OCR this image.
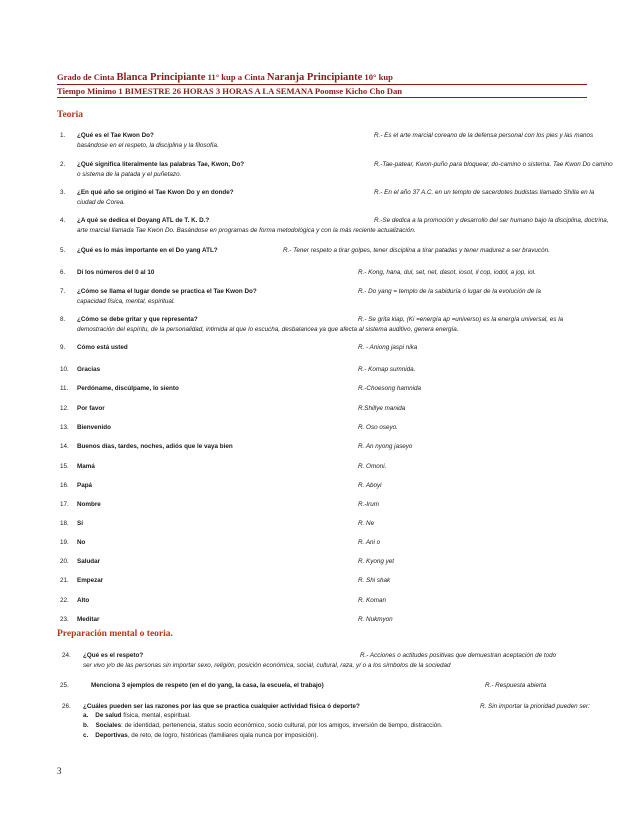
Grado de Cinta Blanca Principiante 11° kup a Cinta Naranja Principiante 10° kup
Tiempo Minimo 1 BIMESTRE 26 HORAS 3 HORAS A LA SEMANA Poomse Kicho Cho Dan
Teoria
1. ¿Qué es el Tae Kwon Do?	R.- Es el arte marcial coreano de la defensa personal con los pies y las manos
basándose en el respeto, la disciplina y la filosofía.
2. ¿Qué significa literalmente las palabras Tae, Kwon, Do?	R.-Tae-patear, Kwon-puño para bloquear, do-camino o sistema. Tae Kwon Do camino
o sistema de la patada y el puñetazo.
3. ¿En qué año se originó el Tae Kwon Do y en donde?	R.- En el año 37 A.C. en un templo de sacerdotes budistas llamado Shilla en la
ciudad de Corea.
4. ¿A qué se dedica el Doyang ATL de T. K. D.?	R.-Se dedica a la promoción y desarrollo del ser humano bajo la disciplina, doctrina,
arte marcial llamada Tae Kwon Do. Basándose en programas de forma metodológica y con la más reciente actualización.
5. ¿Qué es lo más importante en el Do yang ATL?	R.- Tener respeto a tirar golpes, tener disciplina a tirar patadas y tener madurez a ser bravucón.
6. Di los números del 0 al 10	R.- Kong, hana, dul, set, net, dasot, iosot, il cop, iodol, a jop, iol.
7. ¿Cómo se llama el lugar donde se practica el Tae Kwon Do?	R.- Do yang = templo de la sabiduría ó lugar de la evolución de la
capacidad física, mental, espiritual.
8. ¿Cómo se debe gritar y que representa?	R.- Se grita kiap, (Ki =energía ap =universo) es la energía universal, es la
demostración del espíritu, de la personalidad, intimida al que lo escucha, desbalancea ya que afecta al sistema auditivo, genera energía.
9. Cómo está usted	R. - Aniong jaspi nika
10. Gracias	R.- Komap sumnida.
11. Perdóname, discúlpame, lo siento	R.-Choesong hamnida
12. Por favor	R.Shillye manida
13. Bienvenido	R. Oso oseyo.
14. Buenos días, tardes, noches, adiós que le vaya bien	R. An nyong jaseyo
15. Mamá	R. Omoni.
16. Papá	R. Aboyi
17. Nombre	R.-Irum
18. Sí	R. Ne
19. No	R. Ani o
20. Saludar	R. Kyong yet
21. Empezar	R. Shi shak
22. Alto	R. Koman
23. Meditar	R. Nukmyon
Preparación mental o teoria.
24. ¿Qué es el respeto?	R.- Acciones o actitudes positivas que demuestran aceptación de todo
ser vivo y/o de las personas sin importar sexo, religión, posición económica, social, cultural, raza, y/ o a los símbolos de la sociedad
25.	Menciona 3 ejemplos de respeto (en el do yang, la casa, la escuela, el trabajo)	R.- Respuesta abierta
26. ¿Cuáles pueden ser las razones por las que se practica cualquier actividad física ó deporte?	R. Sin importar la prioridad pueden ser:
a. De salud física, mental, espiritual.
b. Sociales: de identidad, pertenencia, status socio económico, socio cultural, por los amigos, inversión de tiempo, distracción.
c. Deportivas, de reto, de logro, históricas (familiares ojala nunca por imposición).
3
